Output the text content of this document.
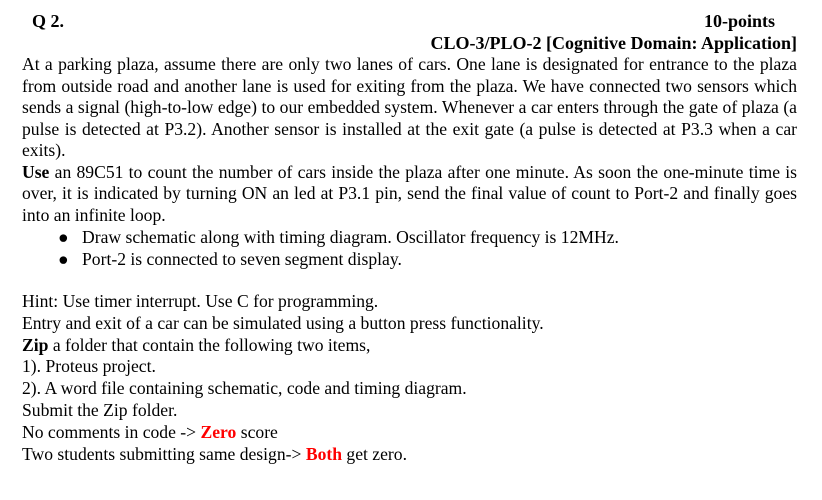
Q 2.	10-points
CLO-3/PLO-2 [Cognitive Domain: Application]

At a parking plaza, assume there are only two lanes of cars. One lane is designated for entrance to the plaza from outside road and another lane is used for exiting from the plaza. We have connected two sensors which sends a signal (high-to-low edge) to our embedded system. Whenever a car enters through the gate of plaza (a pulse is detected at P3.2). Another sensor is installed at the exit gate (a pulse is detected at P3.3 when a car exits).

Use an 89C51 to count the number of cars inside the plaza after one minute. As soon the one-minute time is over, it is indicated by turning ON an led at P3.1 pin, send the final value of count to Port-2 and finally goes into an infinite loop.

● Draw schematic along with timing diagram. Oscillator frequency is 12MHz.
● Port-2 is connected to seven segment display.
Hint: Use timer interrupt. Use C for programming.
Entry and exit of a car can be simulated using a button press functionality.
Zip a folder that contain the following two items,
1). Proteus project.
2). A word file containing schematic, code and timing diagram.
Submit the Zip folder.
No comments in code -> Zero score
Two students submitting same design-> Both get zero.
